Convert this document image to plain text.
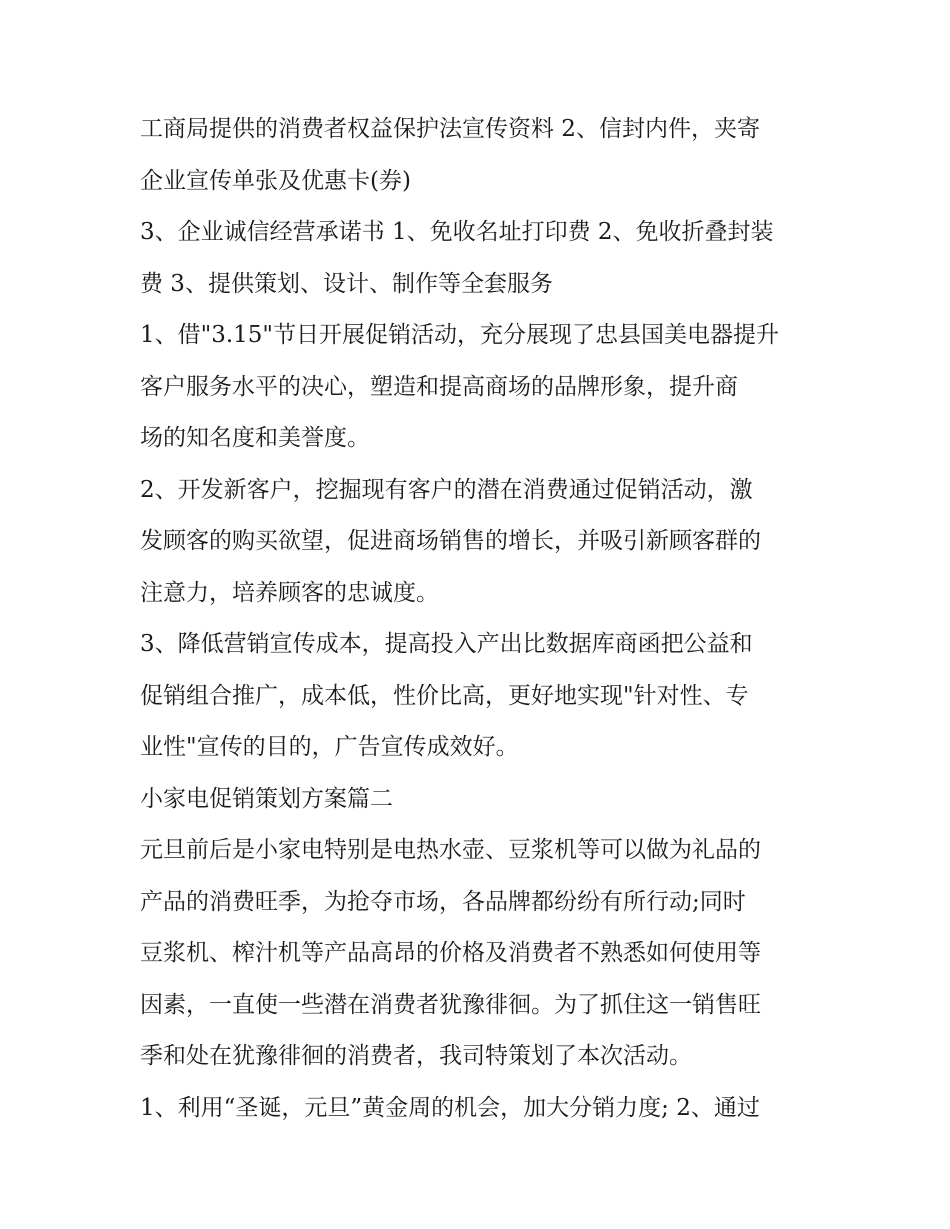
工商局提供的消费者权益保护法宣传资料 2、信封内件，夹寄
企业宣传单张及优惠卡(券)

3、企业诚信经营承诺书 1、免收名址打印费 2、免收折叠封装
费 3、提供策划、设计、制作等全套服务

1、借"3.15"节日开展促销活动，充分展现了忠县国美电器提升
客户服务水平的决心，塑造和提高商场的品牌形象，提升商
场的知名度和美誉度。

2、开发新客户，挖掘现有客户的潜在消费通过促销活动，激
发顾客的购买欲望，促进商场销售的增长，并吸引新顾客群的
注意力，培养顾客的忠诚度。

3、降低营销宣传成本，提高投入产出比数据库商函把公益和
促销组合推广，成本低，性价比高，更好地实现"针对性、专
业性"宣传的目的，广告宣传成效好。

小家电促销策划方案篇二

元旦前后是小家电特别是电热水壶、豆浆机等可以做为礼品的
产品的消费旺季，为抢夺市场，各品牌都纷纷有所行动;同时
豆浆机、榨汁机等产品高昂的价格及消费者不熟悉如何使用等
因素，一直使一些潜在消费者犹豫徘徊。为了抓住这一销售旺
季和处在犹豫徘徊的消费者，我司特策划了本次活动。

1、利用“圣诞，元旦”黄金周的机会，加大分销力度; 2、通过
